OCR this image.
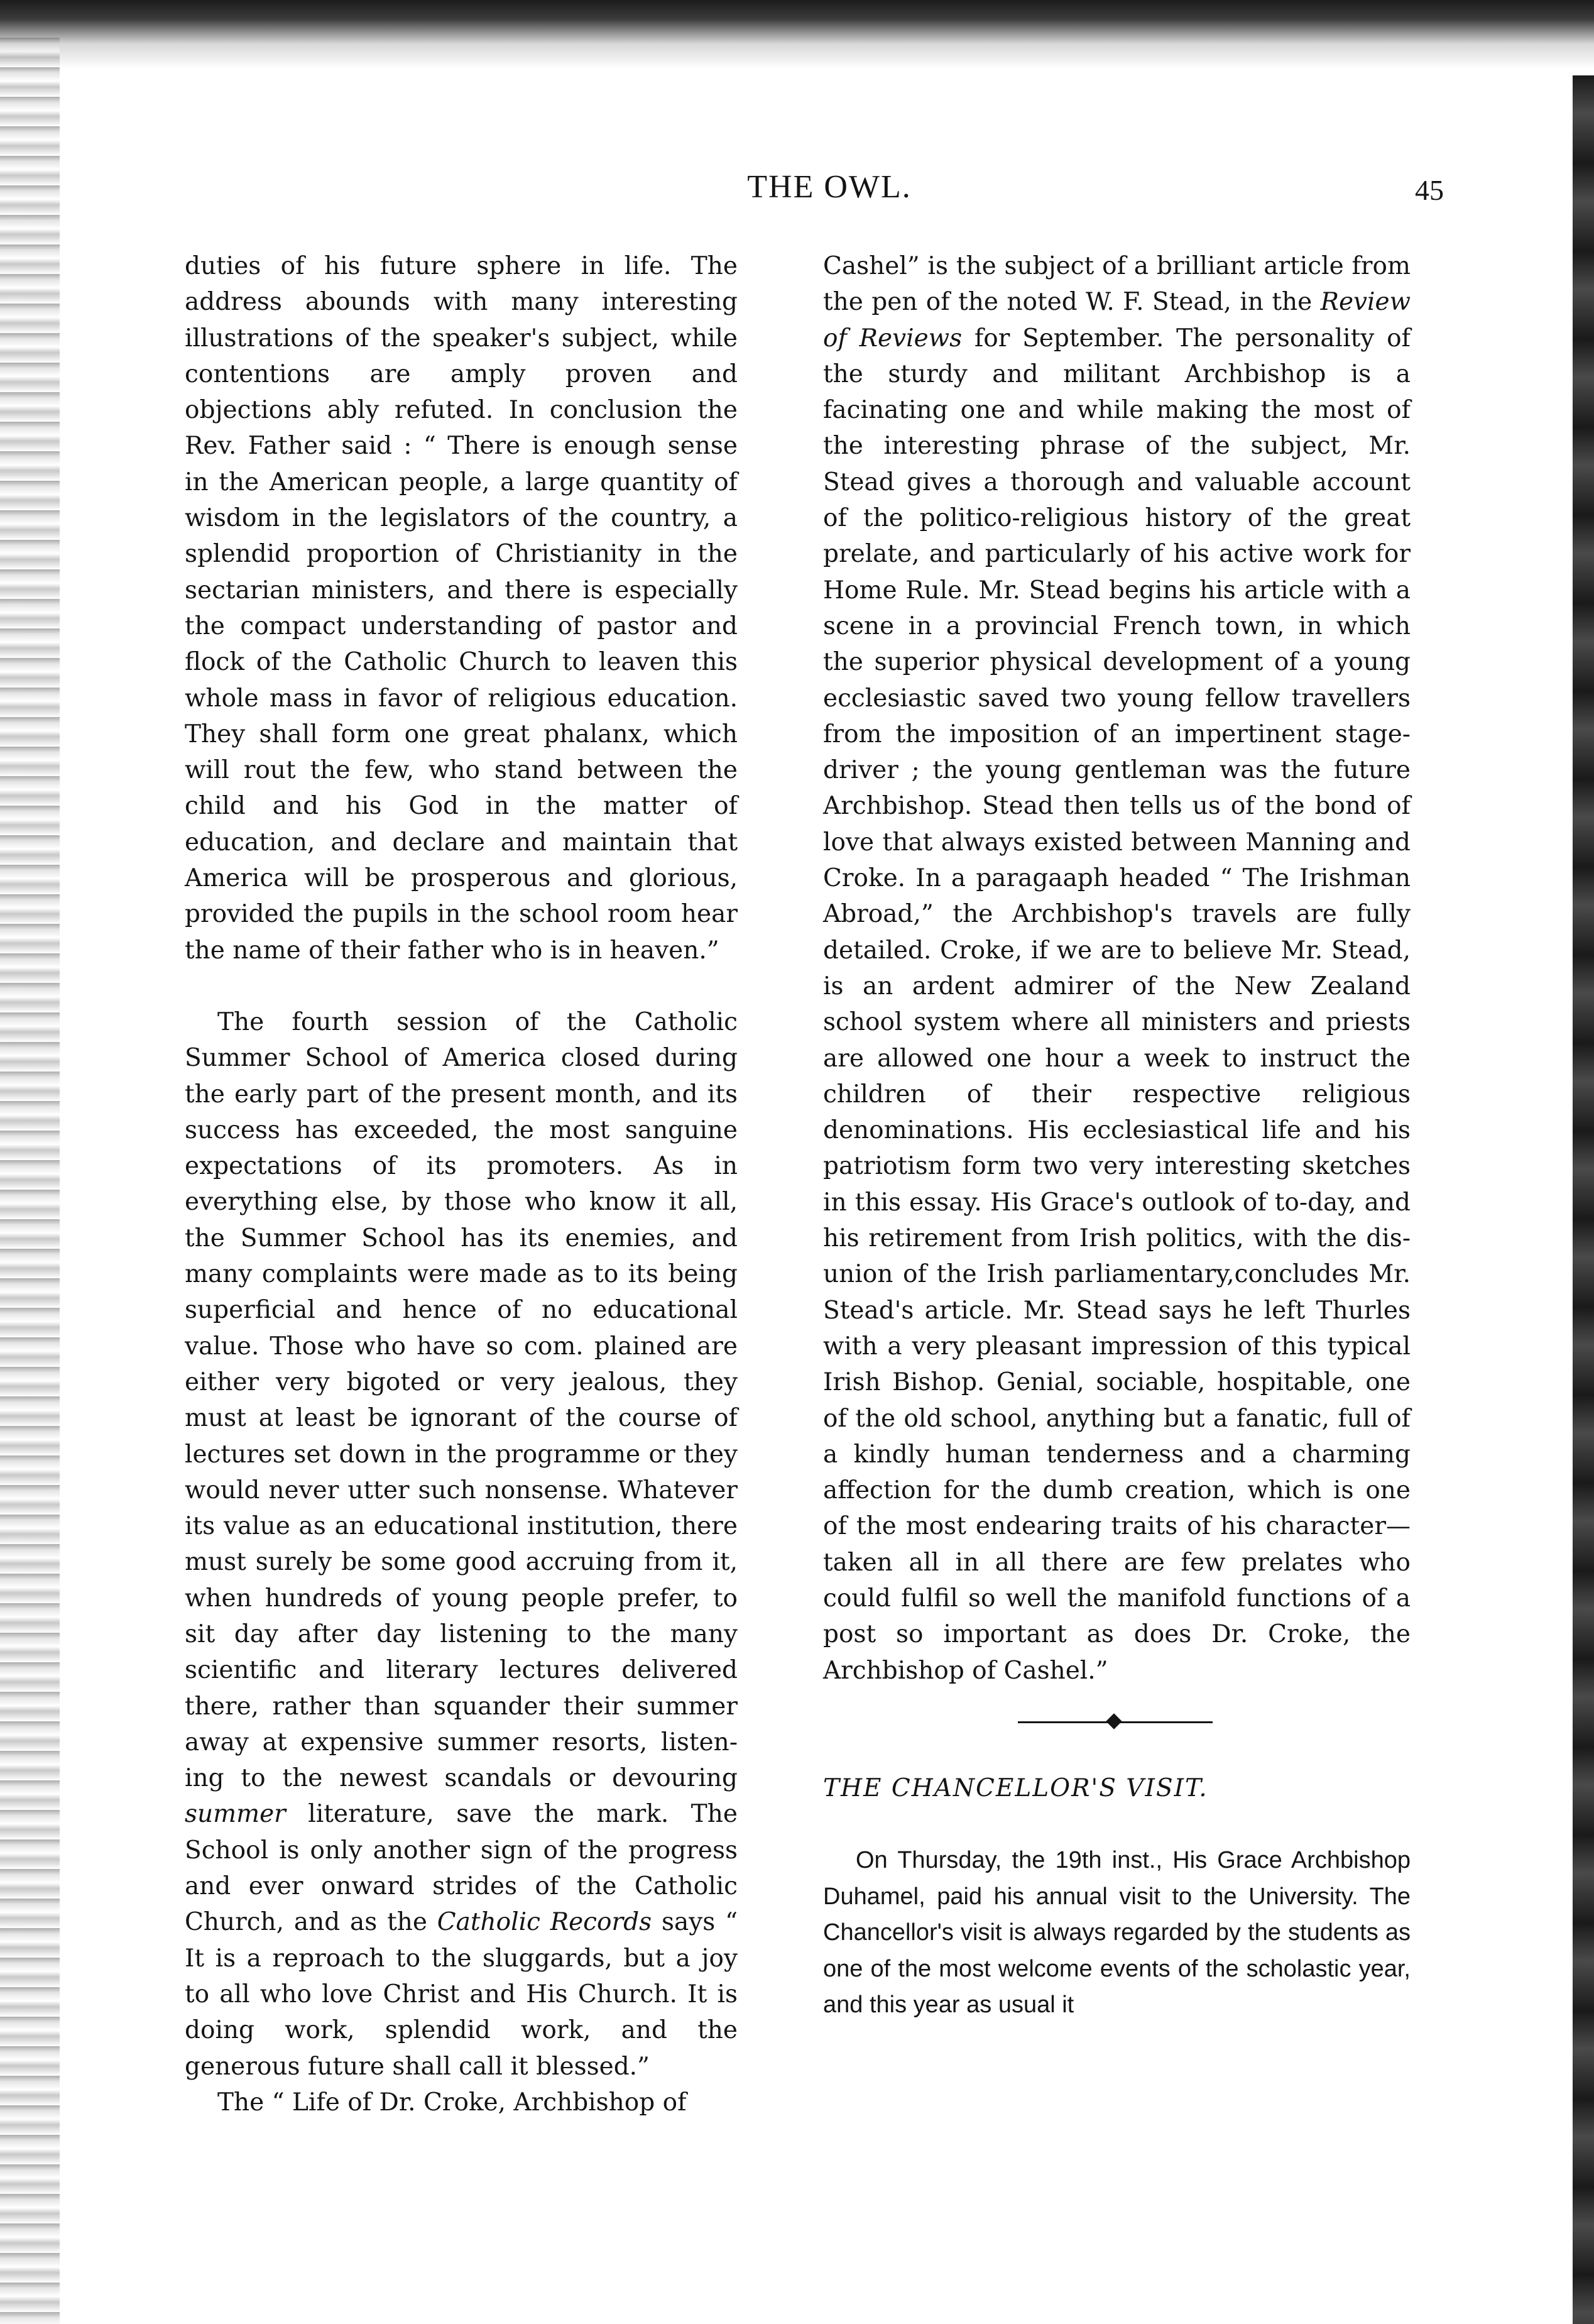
THE OWL.	45

duties of his future sphere in life. The address abounds with many interesting illustrations of the speaker's subject, while contentions are amply proven and objections ably refuted. In conclusion the Rev. Father said : “ There is enough sense in the American people, a large quantity of wisdom in the legislators of the country, a splendid proportion of Christianity in the sectarian ministers, and there is especially the compact understanding of pastor and flock of the Catholic Church to leaven this whole mass in favor of religious education. They shall form one great phalanx, which will rout the few, who stand between the child and his God in the matter of education, and declare and maintain that America will be prosperous and glorious, provided the pupils in the school room hear the name of their father who is in heaven.”

The fourth session of the Catholic Summer School of America closed during the early part of the present month, and its success has exceeded, the most sanguine expectations of its promoters. As in everything else, by those who know it all, the Summer School has its enemies, and many complaints were made as to its being superficial and hence of no educational value. Those who have so com. plained are either very bigoted or very jealous, they must at least be ignorant of the course of lectures set down in the programme or they would never utter such nonsense. Whatever its value as an educational institution, there must surely be some good accruing from it, when hundreds of young people prefer, to sit day after day listening to the many scientific and literary lectures delivered there, rather than squander their summer away at expensive summer resorts, listening to the newest scandals or devouring summer literature, save the mark. The School is only another sign of the progress and ever onward strides of the Catholic Church, and as the Catholic Records says “ It is a reproach to the sluggards, but a joy to all who love Christ and His Church. It is doing work, splendid work, and the generous future shall call it blessed.”

The “ Life of Dr. Croke, Archbishop of

Cashel” is the subject of a brilliant article from the pen of the noted W. F. Stead, in the Review of Reviews for September. The personality of the sturdy and militant Archbishop is a facinating one and while making the most of the interesting phrase of the subject, Mr. Stead gives a thorough and valuable account of the politico-religious history of the great prelate, and particularly of his active work for Home Rule. Mr. Stead begins his article with a scene in a provincial French town, in which the superior physical development of a young ecclesiastic saved two young fellow travellers from the imposition of an impertinent stage-driver ; the young gentleman was the future Archbishop. Stead then tells us of the bond of love that always existed between Manning and Croke. In a paragaaph headed “ The Irishman Abroad,” the Archbishop's travels are fully detailed. Croke, if we are to believe Mr. Stead, is an ardent admirer of the New Zealand school system where all ministers and priests are allowed one hour a week to instruct the children of their respective religious denominations. His ecclesiastical life and his patriotism form two very interesting sketches in this essay. His Grace's outlook of to-day, and his retirement from Irish politics, with the disunion of the Irish parliamentary,concludes Mr. Stead's article. Mr. Stead says he left Thurles with a very pleasant impression of this typical Irish Bishop. Genial, sociable, hospitable, one of the old school, anything but a fanatic, full of a kindly human tenderness and a charming affection for the dumb creation, which is one of the most endearing traits of his character—taken all in all there are few prelates who could fulfil so well the manifold functions of a post so important as does Dr. Croke, the Archbishop of Cashel.”

THE CHANCELLOR'S VISIT.

On Thursday, the 19th inst., His Grace Archbishop Duhamel, paid his annual visit to the University. The Chancellor's visit is always regarded by the students as one of the most welcome events of the scholastic year, and this year as usual it
